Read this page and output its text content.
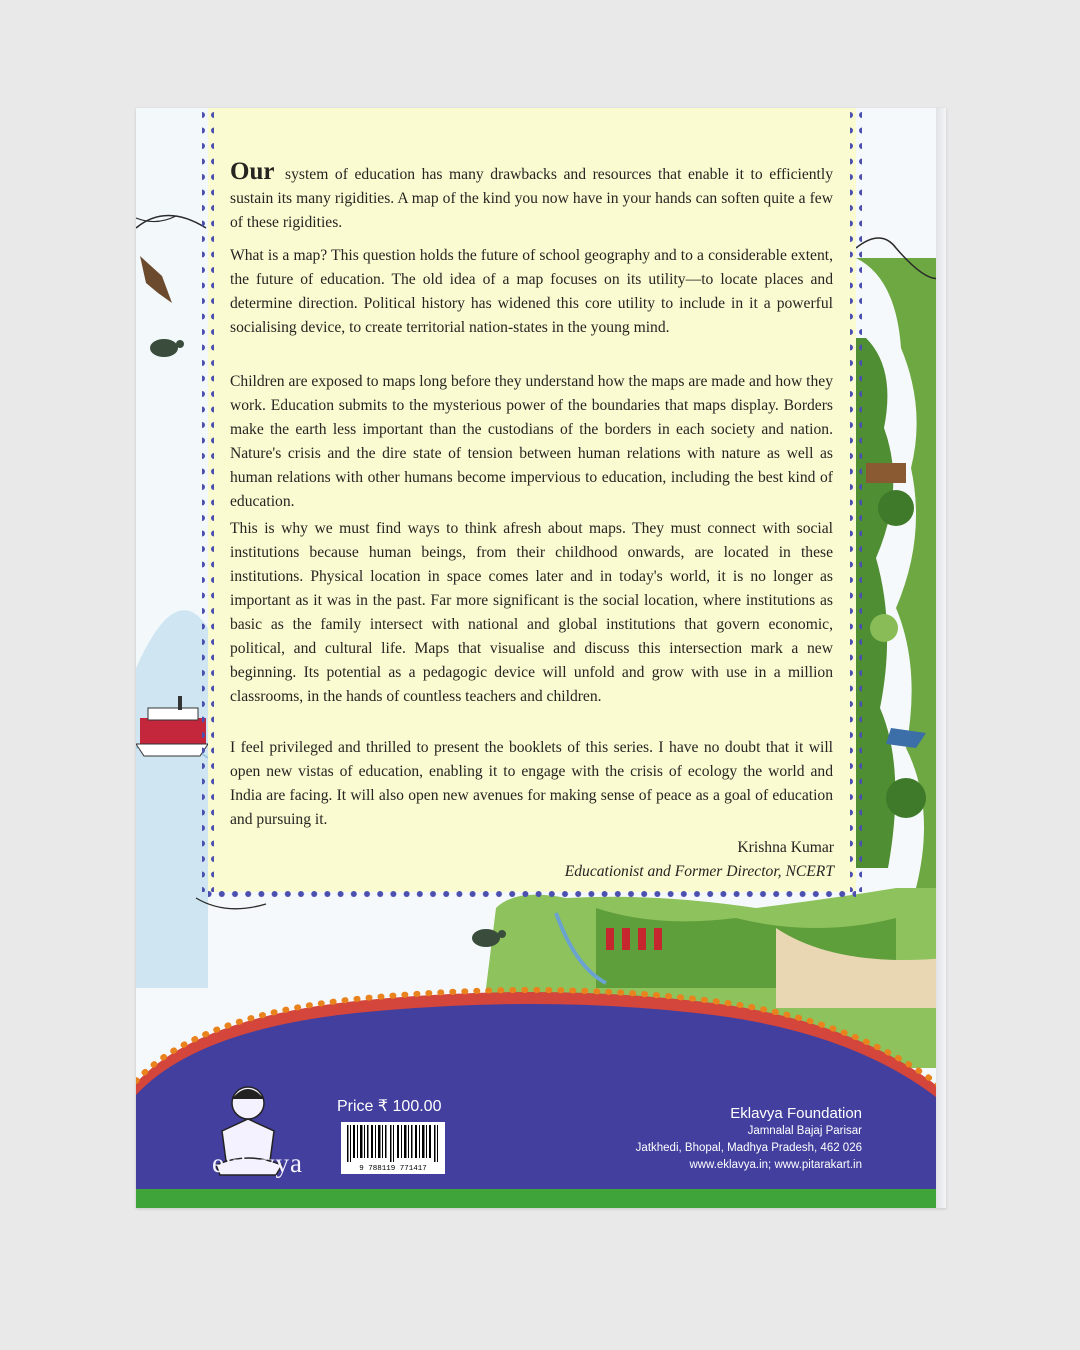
Our system of education has many drawbacks and resources that enable it to efficiently sustain its many rigidities. A map of the kind you now have in your hands can soften quite a few of these rigidities.

What is a map? This question holds the future of school geography and to a considerable extent, the future of education. The old idea of a map focuses on its utility—to locate places and determine direction. Political history has widened this core utility to include in it a powerful socialising device, to create territorial nation-states in the young mind.

Children are exposed to maps long before they understand how the maps are made and how they work. Education submits to the mysterious power of the boundaries that maps display. Borders make the earth less important than the custodians of the borders in each society and nation. Nature's crisis and the dire state of tension between human relations with nature as well as human relations with other humans become impervious to education, including the best kind of education.

This is why we must find ways to think afresh about maps. They must connect with social institutions because human beings, from their childhood onwards, are located in these institutions. Physical location in space comes later and in today's world, it is no longer as important as it was in the past. Far more significant is the social location, where institutions as basic as the family intersect with national and global institutions that govern economic, political, and cultural life. Maps that visualise and discuss this intersection mark a new beginning. Its potential as a pedagogic device will unfold and grow with use in a million classrooms, in the hands of countless teachers and children.

I feel privileged and thrilled to present the booklets of this series. I have no doubt that it will open new vistas of education, enabling it to engage with the crisis of ecology the world and India are facing. It will also open new avenues for making sense of peace as a goal of education and pursuing it.

Krishna Kumar
Educationist and Former Director, NCERT
eklavya
Price ₹ 100.00
9 788119 771417
Eklavya Foundation
Jamnalal Bajaj Parisar
Jatkhedi, Bhopal, Madhya Pradesh, 462 026
www.eklavya.in; www.pitarakart.in
